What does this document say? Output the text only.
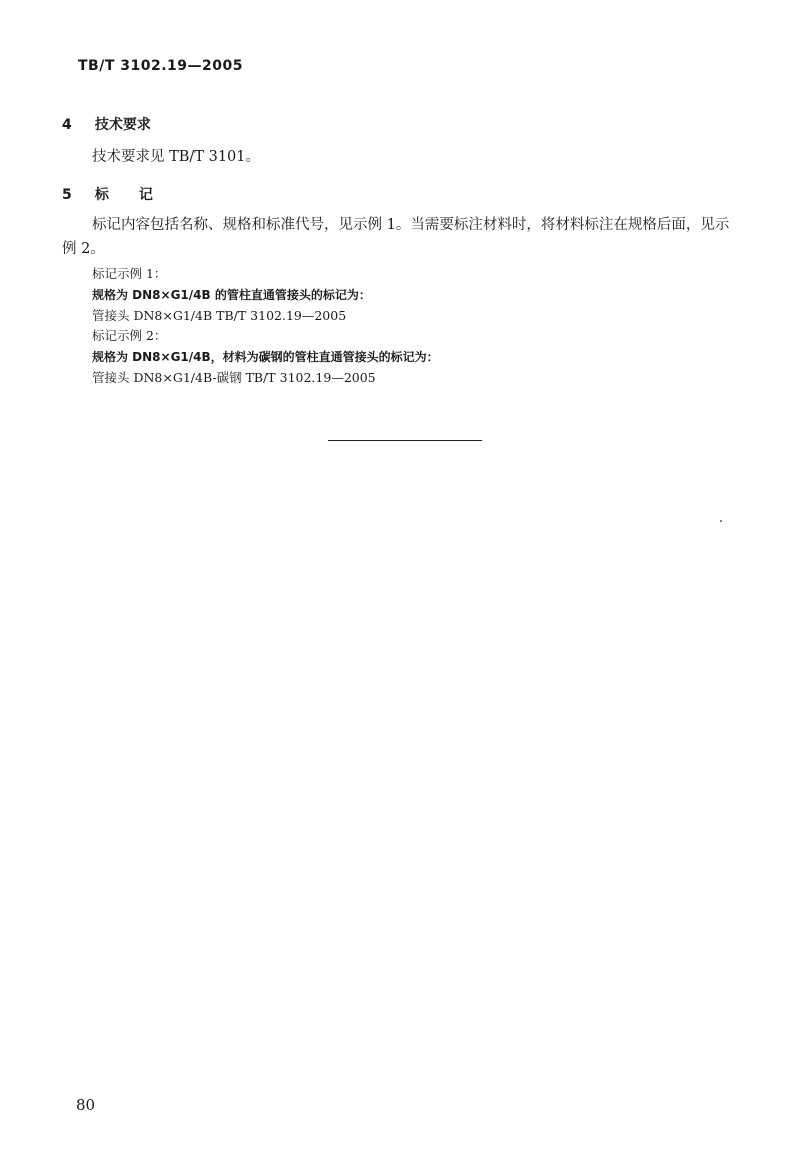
TB/T 3102.19—2005
4 技术要求
技术要求见 TB/T 3101。
5 标记
标记内容包括名称、规格和标准代号，见示例 1。当需要标注材料时，将材料标注在规格后面，见示
例 2。
标记示例 1：
规格为 DN8×G1/4B 的管柱直通管接头的标记为：
管接头 DN8×G1/4B TB/T 3102.19—2005
标记示例 2：
规格为 DN8×G1/4B，材料为碳钢的管柱直通管接头的标记为：
管接头 DN8×G1/4B-碳钢 TB/T 3102.19—2005
80
